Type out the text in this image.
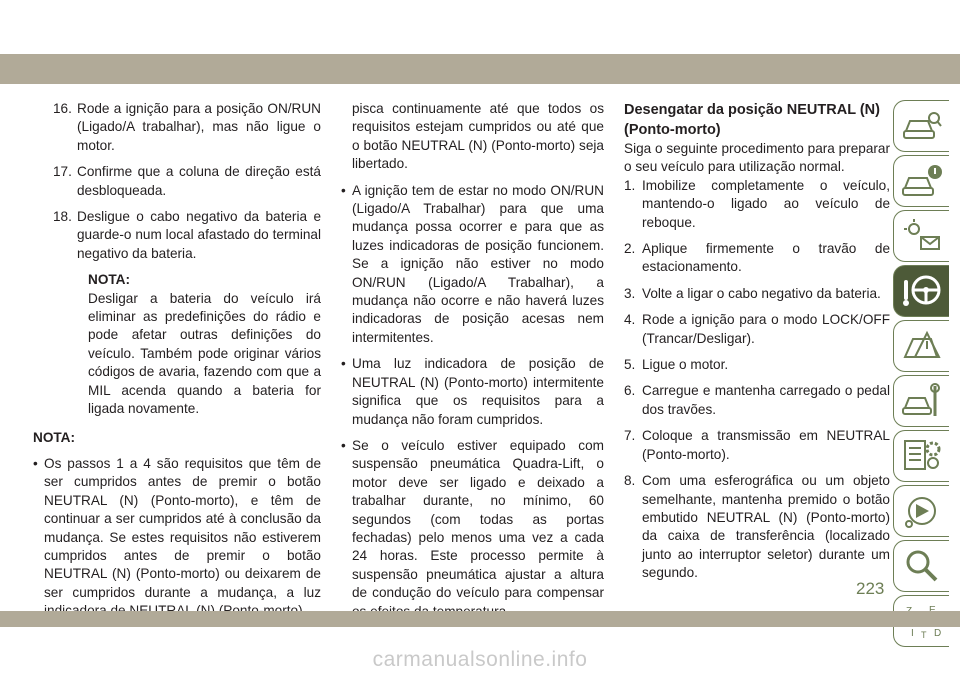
16. Rode a ignição para a posição ON/RUN (Ligado/A trabalhar), mas não ligue o motor.
17. Confirme que a coluna de direção está desbloqueada.
18. Desligue o cabo negativo da bateria e guarde-o num local afastado do terminal negativo da bateria.

NOTA:

Desligar a bateria do veículo irá eliminar as predefinições do rádio e pode afetar outras definições do veículo. Também pode originar vários códigos de avaria, fazendo com que a MIL acenda quando a bateria for ligada novamente.

NOTA:

• Os passos 1 a 4 são requisitos que têm de ser cumpridos antes de premir o botão NEUTRAL (N) (Ponto-morto), e têm de continuar a ser cumpridos até à conclusão da mudança. Se estes requisitos não estiverem cumpridos antes de premir o botão NEUTRAL (N) (Ponto-morto) ou deixarem de ser cumpridos durante a mudança, a luz

pisca continuamente até que todos os requisitos estejam cumpridos ou até que o botão NEUTRAL (N) (Ponto-morto) seja libertado.

• A ignição tem de estar no modo ON/RUN (Ligado/A Trabalhar) para que uma mudança possa ocorrer e para que as luzes indicadoras de posição funcionem. Se a ignição não estiver no modo ON/RUN (Ligado/A Trabalhar), a mudança não ocorre e não haverá luzes indicadoras de posição acesas nem intermitentes.
• Uma luz indicadora de posição de NEUTRAL (N) (Ponto-morto) intermitente significa que os requisitos para a mudança não foram cumpridos.
• Se o veículo estiver equipado com suspensão pneumática Quadra-Lift, o motor deve ser ligado e deixado a trabalhar durante, no mínimo, 60 segundos (com todas as portas fechadas) pelo menos uma vez a cada 24 horas. Este processo permite à suspensão pneumática ajustar a altura de condução do veículo para compensar

Desengatar da posição NEUTRAL (N) (Ponto-morto)

Siga o seguinte procedimento para preparar o seu veículo para utilização normal.

1. Imobilize completamente o veículo, mantendo-o ligado ao veículo de reboque.
2. Aplique firmemente o travão de estacionamento.
3. Volte a ligar o cabo negativo da bateria.
4. Rode a ignição para o modo LOCK/OFF (Trancar/Desligar).
5. Ligue o motor.
6. Carregue e mantenha carregado o pedal dos travões.
7. Coloque a transmissão em NEUTRAL (Ponto-morto).
8. Com uma esferográfica ou um objeto semelhante, mantenha premido o botão embutido NEUTRAL (N) (Ponto-morto) da caixa de transferência (localizado junto ao interruptor seletor) durante um segundo.
D
I T
223
carmanualsonline.info
